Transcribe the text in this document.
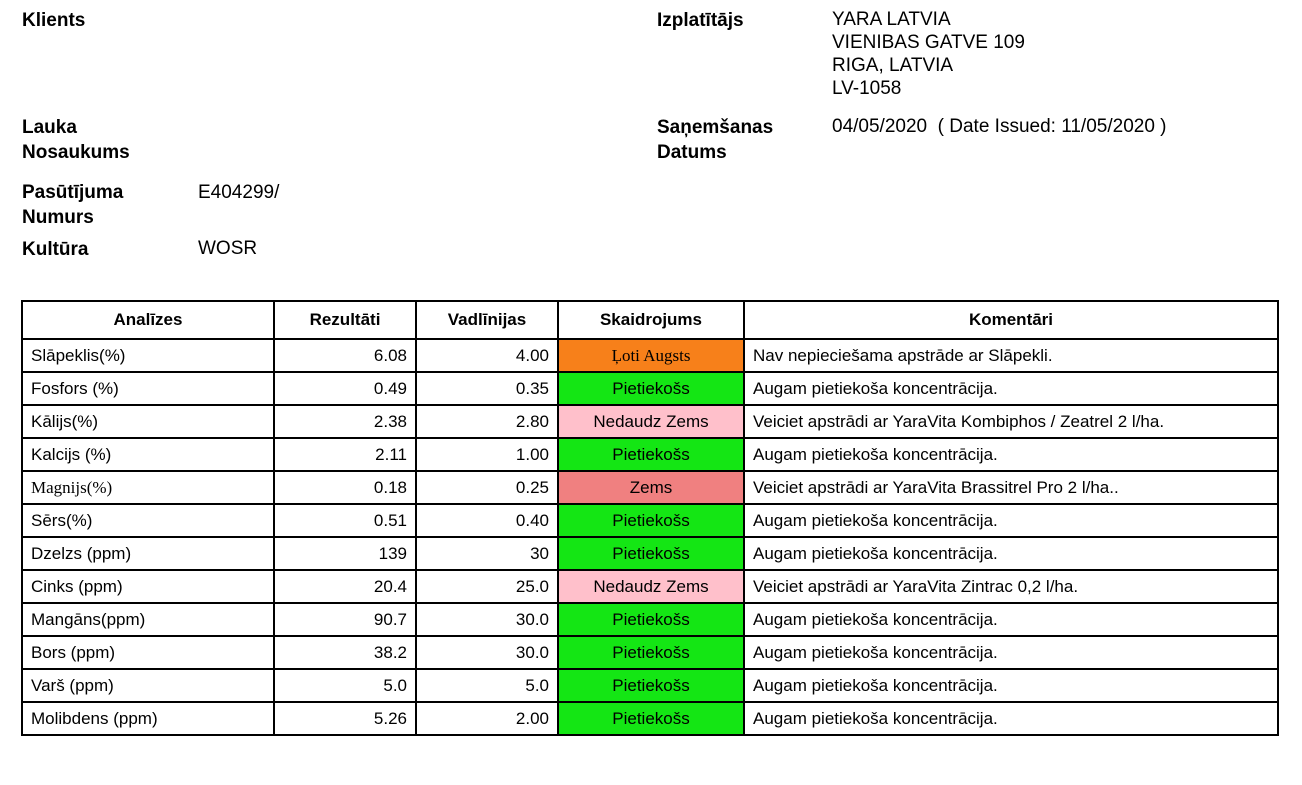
Klients
Lauka
Nosaukums
Pasūtījuma
Numurs
E404299/
Kultūra	WOSR
Izplatītājs	YARA LATVIA
VIENIBAS GATVE 109
RIGA, LATVIA
LV-1058
Saņemšanas
Datums
04/05/2020  ( Date Issued: 11/05/2020 )
Analīzes	Rezultāti	Vadlīnijas	Skaidrojums	Komentāri
Slāpeklis(%)	6.08	4.00	Ļoti Augsts	Nav nepieciešama apstrāde ar Slāpekli.
Fosfors (%)	0.49	0.35	Pietiekošs	Augam pietiekoša koncentrācija.
Kālijs(%)	2.38	2.80	Nedaudz Zems	Veiciet apstrādi ar YaraVita Kombiphos / Zeatrel 2 l/ha.
Kalcijs (%)	2.11	1.00	Pietiekošs	Augam pietiekoša koncentrācija.
Magnijs(%)	0.18	0.25	Zems	Veiciet apstrādi ar YaraVita Brassitrel Pro 2 l/ha..
Sērs(%)	0.51	0.40	Pietiekošs	Augam pietiekoša koncentrācija.
Dzelzs (ppm)	139	30	Pietiekošs	Augam pietiekoša koncentrācija.
Cinks (ppm)	20.4	25.0	Nedaudz Zems	Veiciet apstrādi ar YaraVita Zintrac 0,2 l/ha.
Mangāns(ppm)	90.7	30.0	Pietiekošs	Augam pietiekoša koncentrācija.
Bors (ppm)	38.2	30.0	Pietiekošs	Augam pietiekoša koncentrācija.
Varš (ppm)	5.0	5.0	Pietiekošs	Augam pietiekoša koncentrācija.
Molibdens (ppm)	5.26	2.00	Pietiekošs	Augam pietiekoša koncentrācija.
